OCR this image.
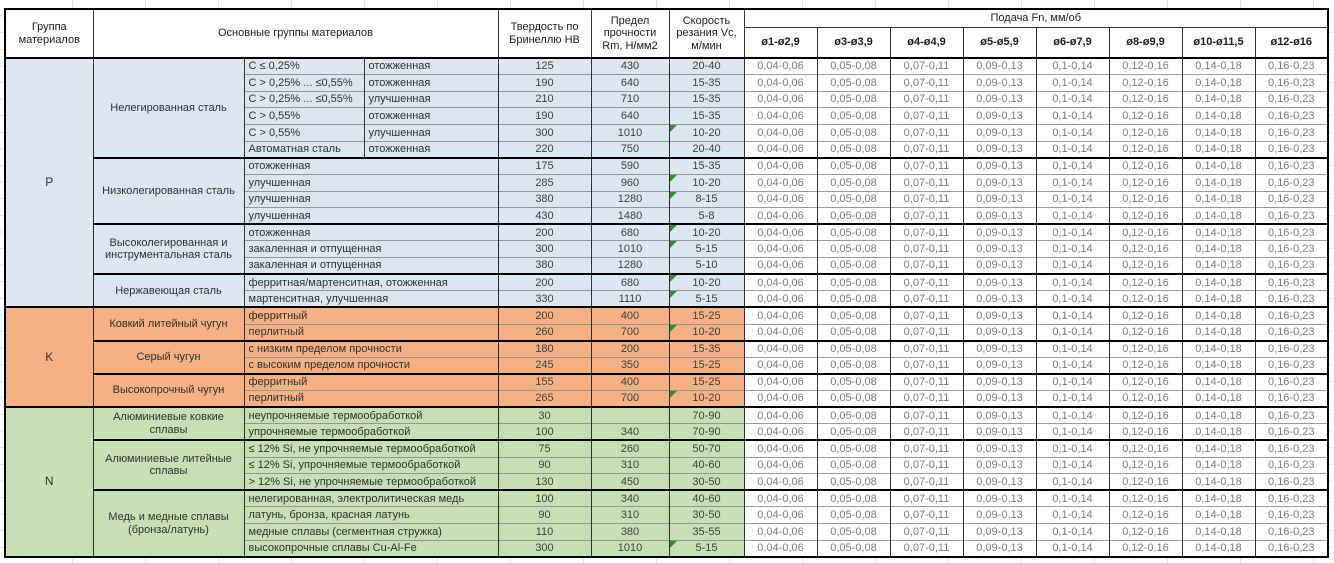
Группа материалов	Основные группы материалов			Твердость по Бринеллю НВ	Предел прочности Rm, Н/мм2	Скорость резания Vc, м/мин	Подача Fn, мм/об							
							ø1-ø2,9	ø3-ø3,9	ø4-ø4,9	ø5-ø5,9	ø6-ø7,9	ø8-ø9,9	ø10-ø11,5	ø12-ø16
P	Нелегированная сталь	C ≤ 0,25%	отожженная	125	430	20-40	0,04-0,06	0,05-0,08	0,07-0,11	0,09-0,13	0,1-0,14	0,12-0,16	0,14-0,18	0,16-0,23
		C > 0,25% ... ≤0,55%	отожженная	190	640	15-35	0,04-0,06	0,05-0,08	0,07-0,11	0,09-0,13	0,1-0,14	0,12-0,16	0,14-0,18	0,16-0,23
		C > 0,25% ... ≤0,55%	улучшенная	210	710	15-35	0,04-0,06	0,05-0,08	0,07-0,11	0,09-0,13	0,1-0,14	0,12-0,16	0,14-0,18	0,16-0,23
		C > 0,55%	отожженная	190	640	15-35	0,04-0,06	0,05-0,08	0,07-0,11	0,09-0,13	0,1-0,14	0,12-0,16	0,14-0,18	0,16-0,23
		C > 0,55%	улучшенная	300	1010	10-20	0,04-0,06	0,05-0,08	0,07-0,11	0,09-0,13	0,1-0,14	0,12-0,16	0,14-0,18	0,16-0,23
		Автоматная сталь	отожженная	220	750	20-40	0,04-0,06	0,05-0,08	0,07-0,11	0,09-0,13	0,1-0,14	0,12-0,16	0,14-0,18	0,16-0,23
	Низколегированная сталь	отожженная		175	590	15-35	0,04-0,06	0,05-0,08	0,07-0,11	0,09-0,13	0,1-0,14	0,12-0,16	0,14-0,18	0,16-0,23
		улучшенная		285	960	10-20	0,04-0,06	0,05-0,08	0,07-0,11	0,09-0,13	0,1-0,14	0,12-0,16	0,14-0,18	0,16-0,23
		улучшенная		380	1280	8-15	0,04-0,06	0,05-0,08	0,07-0,11	0,09-0,13	0,1-0,14	0,12-0,16	0,14-0,18	0,16-0,23
		улучшенная		430	1480	5-8	0,04-0,06	0,05-0,08	0,07-0,11	0,09-0,13	0,1-0,14	0,12-0,16	0,14-0,18	0,16-0,23
	Высоколегированная и инструментальная сталь	отожженная		200	680	10-20	0,04-0,06	0,05-0,08	0,07-0,11	0,09-0,13	0,1-0,14	0,12-0,16	0,14-0,18	0,16-0,23
		закаленная и отпущенная		300	1010	5-15	0,04-0,06	0,05-0,08	0,07-0,11	0,09-0,13	0,1-0,14	0,12-0,16	0,14-0,18	0,16-0,23
		закаленная и отпущенная		380	1280	5-10	0,04-0,06	0,05-0,08	0,07-0,11	0,09-0,13	0,1-0,14	0,12-0,16	0,14-0,18	0,16-0,23
	Нержавеющая сталь	ферритная/мартенситная, отожженная		200	680	10-20	0,04-0,06	0,05-0,08	0,07-0,11	0,09-0,13	0,1-0,14	0,12-0,16	0,14-0,18	0,16-0,23
		мартенситная, улучшенная		330	1110	5-15	0,04-0,06	0,05-0,08	0,07-0,11	0,09-0,13	0,1-0,14	0,12-0,16	0,14-0,18	0,16-0,23
K	Ковкий литейный чугун	ферритный		200	400	15-25	0,04-0,06	0,05-0,08	0,07-0,11	0,09-0,13	0,1-0,14	0,12-0,16	0,14-0,18	0,16-0,23
		перлитный		260	700	10-20	0,04-0,06	0,05-0,08	0,07-0,11	0,09-0,13	0,1-0,14	0,12-0,16	0,14-0,18	0,16-0,23
	Серый чугун	с низким пределом прочности		180	200	15-35	0,04-0,06	0,05-0,08	0,07-0,11	0,09-0,13	0,1-0,14	0,12-0,16	0,14-0,18	0,16-0,23
		с высоким пределом прочности		245	350	15-25	0,04-0,06	0,05-0,08	0,07-0,11	0,09-0,13	0,1-0,14	0,12-0,16	0,14-0,18	0,16-0,23
	Высокопрочный чугун	ферритный		155	400	15-25	0,04-0,06	0,05-0,08	0,07-0,11	0,09-0,13	0,1-0,14	0,12-0,16	0,14-0,18	0,16-0,23
		перлитный		265	700	10-20	0,04-0,06	0,05-0,08	0,07-0,11	0,09-0,13	0,1-0,14	0,12-0,16	0,14-0,18	0,16-0,23
N	Алюминиевые ковкие сплавы	неупрочняемые термообработкой		30		70-90	0,04-0,06	0,05-0,08	0,07-0,11	0,09-0,13	0,1-0,14	0,12-0,16	0,14-0,18	0,16-0,23
		упрочняемые термообработкой		100	340	70-90	0,04-0,06	0,05-0,08	0,07-0,11	0,09-0,13	0,1-0,14	0,12-0,16	0,14-0,18	0,16-0,23
	Алюминиевые литейные сплавы	≤ 12% Si, не упрочняемые термообработкой		75	260	50-70	0,04-0,06	0,05-0,08	0,07-0,11	0,09-0,13	0,1-0,14	0,12-0,16	0,14-0,18	0,16-0,23
		≤ 12% Si, упрочняемые термообработкой		90	310	40-60	0,04-0,06	0,05-0,08	0,07-0,11	0,09-0,13	0,1-0,14	0,12-0,16	0,14-0,18	0,16-0,23
		> 12% Si, не упрочняемые термообработкой		130	450	30-50	0,04-0,06	0,05-0,08	0,07-0,11	0,09-0,13	0,1-0,14	0,12-0,16	0,14-0,18	0,16-0,23
	Медь и медные сплавы (бронза/латунь)	нелегированная, электролитическая медь		100	340	40-60	0,04-0,06	0,05-0,08	0,07-0,11	0,09-0,13	0,1-0,14	0,12-0,16	0,14-0,18	0,16-0,23
		латунь, бронза, красная латунь		90	310	30-50	0,04-0,06	0,05-0,08	0,07-0,11	0,09-0,13	0,1-0,14	0,12-0,16	0,14-0,18	0,16-0,23
		медные сплавы (сегментная стружка)		110	380	35-55	0,04-0,06	0,05-0,08	0,07-0,11	0,09-0,13	0,1-0,14	0,12-0,16	0,14-0,18	0,16-0,23
		высокопрочные сплавы Cu-Al-Fe		300	1010	5-15	0,04-0,06	0,05-0,08	0,07-0,11	0,09-0,13	0,1-0,14	0,12-0,16	0,14-0,18	0,16-0,23
